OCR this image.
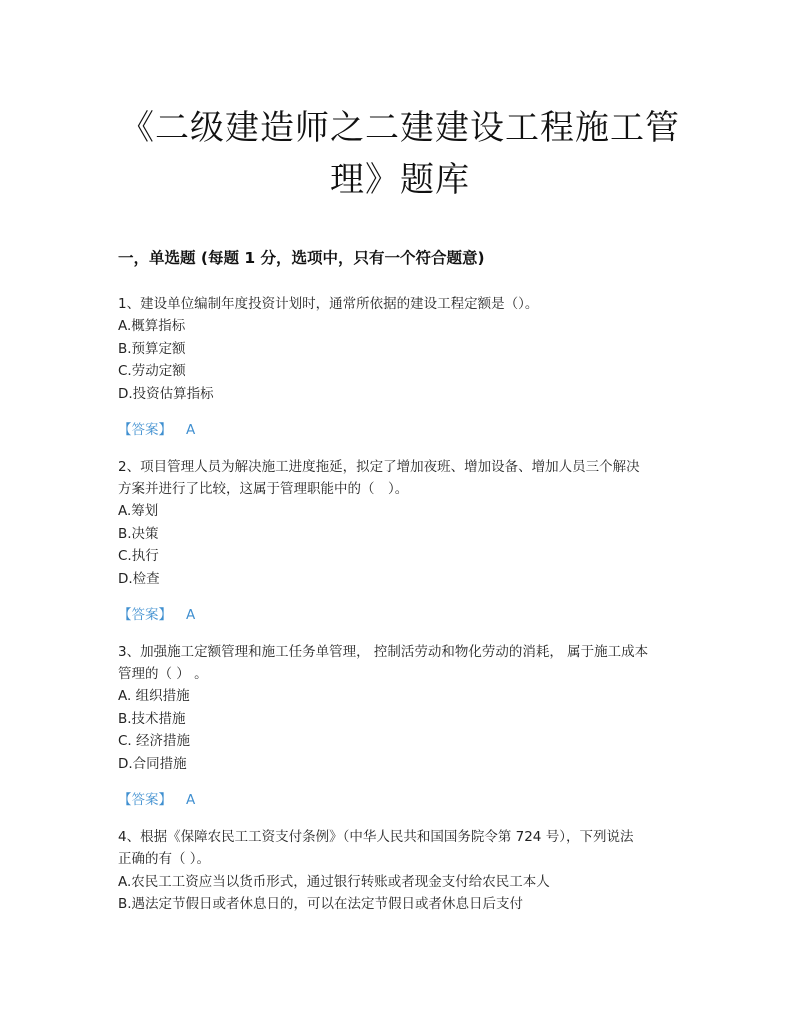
《二级建造师之二建建设工程施工管
理》题库
一，单选题 (每题 1 分，选项中，只有一个符合题意)
1、建设单位编制年度投资计划时，通常所依据的建设工程定额是（）。
A.概算指标
B.预算定额
C.劳动定额
D.投资估算指标
【答案】 A
2、项目管理人员为解决施工进度拖延，拟定了增加夜班、增加设备、增加人员三个解决
方案并进行了比较，这属于管理职能中的（　）。
A.筹划
B.决策
C.执行
D.检查
【答案】 A
3、加强施工定额管理和施工任务单管理， 控制活劳动和物化劳动的消耗， 属于施工成本
管理的（ ） 。
A. 组织措施
B.技术措施
C. 经济措施
D.合同措施
【答案】 A
4、根据《保障农民工工资支付条例》（中华人民共和国国务院令第 724 号），下列说法
正确的有（ ）。
A.农民工工资应当以货币形式，通过银行转账或者现金支付给农民工本人
B.遇法定节假日或者休息日的，可以在法定节假日或者休息日后支付
